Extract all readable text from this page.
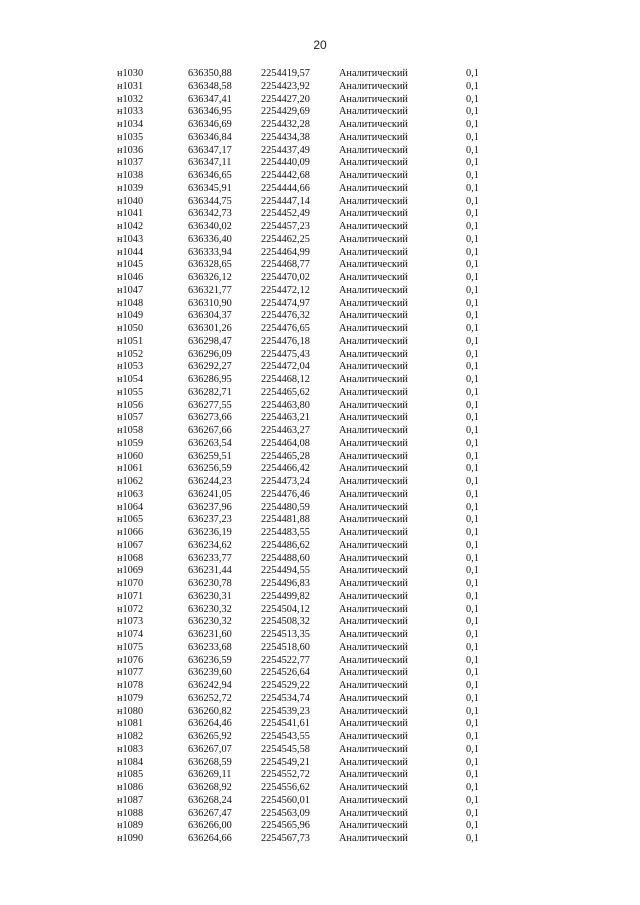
20
н1030	636350,88	2254419,57	Аналитический	0,1
н1031	636348,58	2254423,92	Аналитический	0,1
н1032	636347,41	2254427,20	Аналитический	0,1
н1033	636346,95	2254429,69	Аналитический	0,1
н1034	636346,69	2254432,28	Аналитический	0,1
н1035	636346,84	2254434,38	Аналитический	0,1
н1036	636347,17	2254437,49	Аналитический	0,1
н1037	636347,11	2254440,09	Аналитический	0,1
н1038	636346,65	2254442,68	Аналитический	0,1
н1039	636345,91	2254444,66	Аналитический	0,1
н1040	636344,75	2254447,14	Аналитический	0,1
н1041	636342,73	2254452,49	Аналитический	0,1
н1042	636340,02	2254457,23	Аналитический	0,1
н1043	636336,40	2254462,25	Аналитический	0,1
н1044	636333,94	2254464,99	Аналитический	0,1
н1045	636328,65	2254468,77	Аналитический	0,1
н1046	636326,12	2254470,02	Аналитический	0,1
н1047	636321,77	2254472,12	Аналитический	0,1
н1048	636310,90	2254474,97	Аналитический	0,1
н1049	636304,37	2254476,32	Аналитический	0,1
н1050	636301,26	2254476,65	Аналитический	0,1
н1051	636298,47	2254476,18	Аналитический	0,1
н1052	636296,09	2254475,43	Аналитический	0,1
н1053	636292,27	2254472,04	Аналитический	0,1
н1054	636286,95	2254468,12	Аналитический	0,1
н1055	636282,71	2254465,62	Аналитический	0,1
н1056	636277,55	2254463,80	Аналитический	0,1
н1057	636273,66	2254463,21	Аналитический	0,1
н1058	636267,66	2254463,27	Аналитический	0,1
н1059	636263,54	2254464,08	Аналитический	0,1
н1060	636259,51	2254465,28	Аналитический	0,1
н1061	636256,59	2254466,42	Аналитический	0,1
н1062	636244,23	2254473,24	Аналитический	0,1
н1063	636241,05	2254476,46	Аналитический	0,1
н1064	636237,96	2254480,59	Аналитический	0,1
н1065	636237,23	2254481,88	Аналитический	0,1
н1066	636236,19	2254483,55	Аналитический	0,1
н1067	636234,62	2254486,62	Аналитический	0,1
н1068	636233,77	2254488,60	Аналитический	0,1
н1069	636231,44	2254494,55	Аналитический	0,1
н1070	636230,78	2254496,83	Аналитический	0,1
н1071	636230,31	2254499,82	Аналитический	0,1
н1072	636230,32	2254504,12	Аналитический	0,1
н1073	636230,32	2254508,32	Аналитический	0,1
н1074	636231,60	2254513,35	Аналитический	0,1
н1075	636233,68	2254518,60	Аналитический	0,1
н1076	636236,59	2254522,77	Аналитический	0,1
н1077	636239,60	2254526,64	Аналитический	0,1
н1078	636242,94	2254529,22	Аналитический	0,1
н1079	636252,72	2254534,74	Аналитический	0,1
н1080	636260,82	2254539,23	Аналитический	0,1
н1081	636264,46	2254541,61	Аналитический	0,1
н1082	636265,92	2254543,55	Аналитический	0,1
н1083	636267,07	2254545,58	Аналитический	0,1
н1084	636268,59	2254549,21	Аналитический	0,1
н1085	636269,11	2254552,72	Аналитический	0,1
н1086	636268,92	2254556,62	Аналитический	0,1
н1087	636268,24	2254560,01	Аналитический	0,1
н1088	636267,47	2254563,09	Аналитический	0,1
н1089	636266,00	2254565,96	Аналитический	0,1
н1090	636264,66	2254567,73	Аналитический	0,1
